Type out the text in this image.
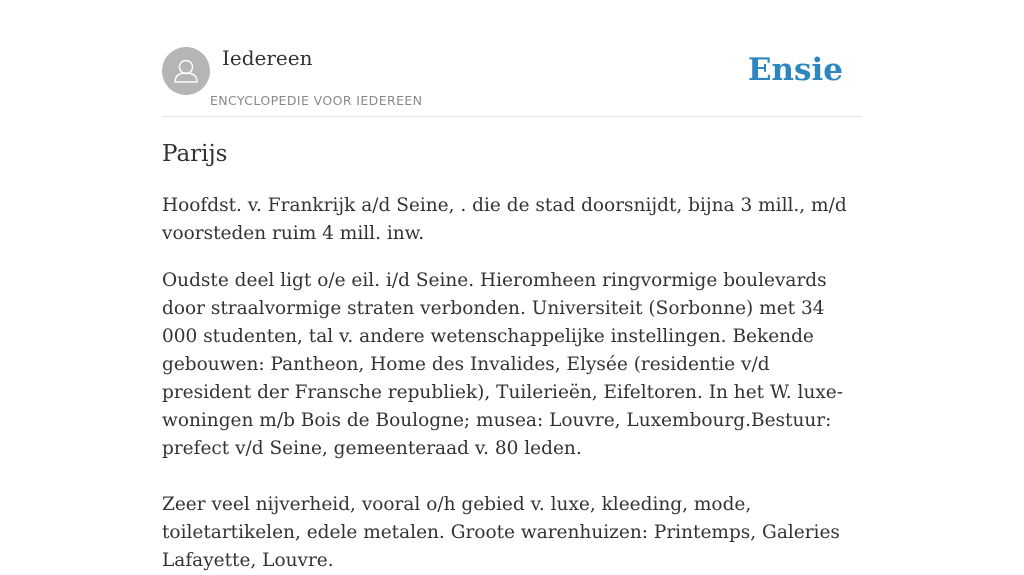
Iedereen
ENCYCLOPEDIE VOOR IEDEREEN
Ensie
Parijs

Hoofdst. v. Frankrijk a/d Seine, . die de stad doorsnijdt, bijna 3 mill., m/d voorsteden ruim 4 mill. inw.

Oudste deel ligt o/e eil. i/d Seine. Hieromheen ringvormige boulevards door straalvormige straten verbonden. Universiteit (Sorbonne) met 34 000 studenten, tal v. andere wetenschappelijke instellingen. Bekende gebouwen: Pantheon, Home des Invalides, Elysée (residentie v/d president der Fransche republiek), Tuilerieën, Eifeltoren. In het W. luxe-woningen m/b Bois de Boulogne; musea: Louvre, Luxembourg.Bestuur: prefect v/d Seine, gemeenteraad v. 80 leden.

Zeer veel nijverheid, vooral o/h gebied v. luxe, kleeding, mode, toiletartikelen, edele metalen. Groote warenhuizen: Printemps, Galeries Lafayette, Louvre.
